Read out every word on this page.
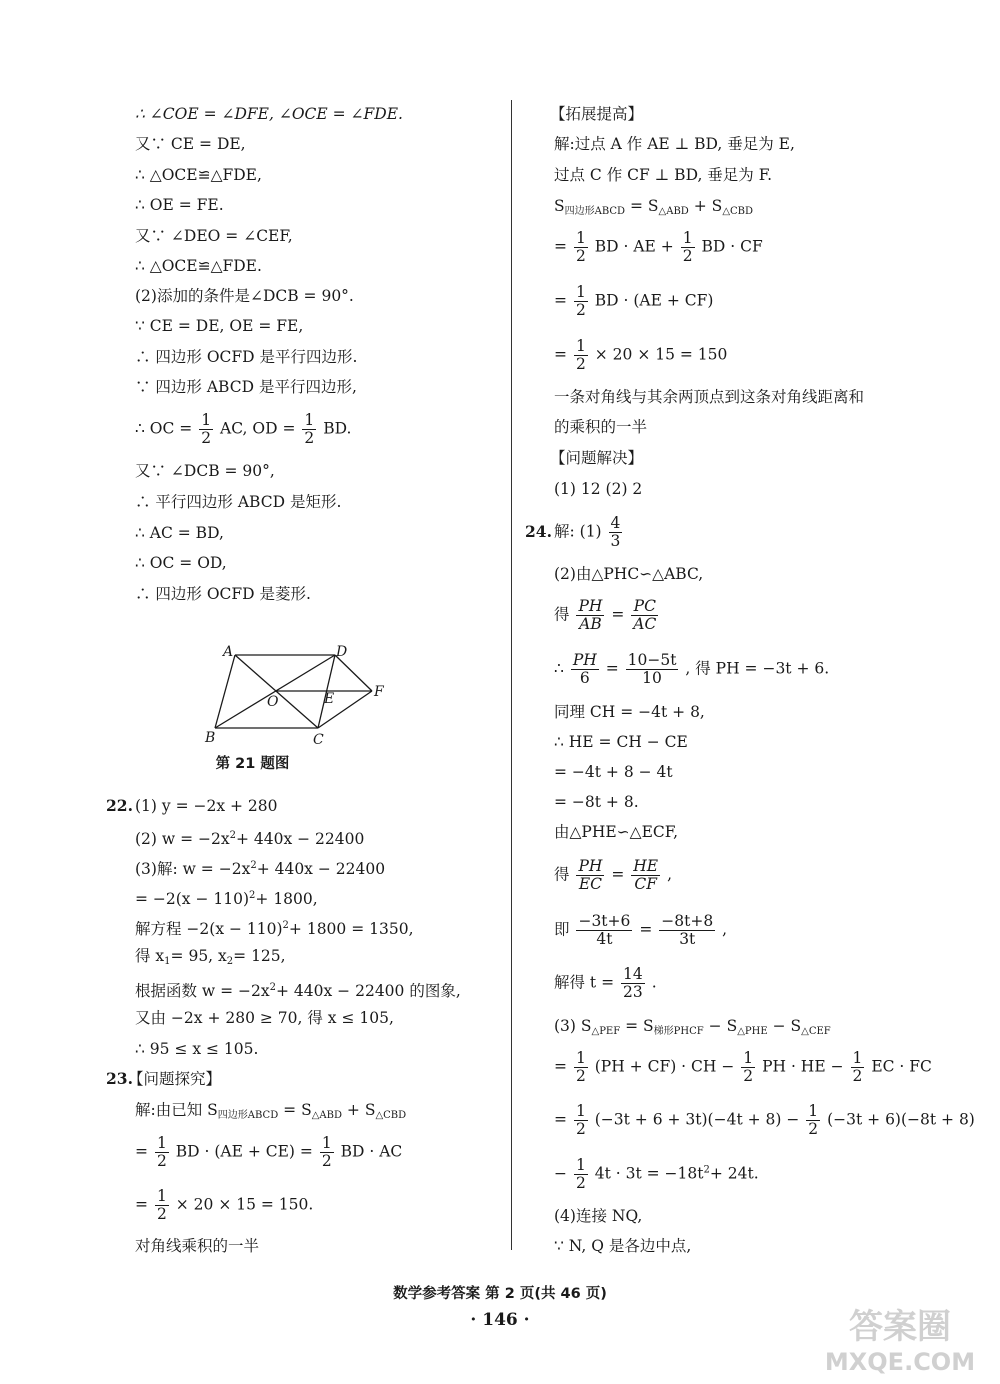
∴ ∠COE = ∠DFE, ∠OCE = ∠FDE.
又∵ CE = DE,
∴ △OCE≌△FDE,
∴ OE = FE.
又∵ ∠DEO = ∠CEF,
∴ △OCE≌△FDE.
(2)添加的条件是∠DCB = 90°.
∵ CE = DE, OE = FE,
∴ 四边形 OCFD 是平行四边形.
∵ 四边形 ABCD 是平行四边形,
∴ OC = $\frac{1}{2}$ AC, OD = $\frac{1}{2}$ BD.
又∵ ∠DCB = 90°,
∴ 平行四边形 ABCD 是矩形.
∴ AC = BD,
∴ OC = OD,
∴ 四边形 OCFD 是菱形.
A
B	C
D
E	F
O
第 21 题图
22. (1) y = −2x + 280
(2) $w = -2x^2+ 440x - 22400$
(3)解: $w = -2x^2+ 440x - 22400$
= $-2(x - 110)^2+ 1800$,
解方程 $-2(x - 110)^2+ 1800 = 1350$,
得 $x_1= 95$, $x_2= 125$,
根据函数 $w = -2x^2+ 440x - 22400$ 的图象,
又由 −2x + 280 ≥ 70, 得 x ≤ 105,
∴ 95 ≤ x ≤ 105.
23.
【问题探究】
解:由已知 $S_{四边形ABCD} = S_{\triangle ABD} + S_{\triangle CBD}$
= $\frac{1}{2}$ BD · $(AE + CE) = \frac{1}{2}$ BD · AC
= $\frac{1}{2} \times 20 \times 15 = 150$.
对角线乘积的一半
【拓展提高】
解:过点 A 作 AE ⊥ BD, 垂足为 E,
过点 C 作 CF ⊥ BD, 垂足为 F.
$S_{四边形ABCD} = S_{\triangle ABD} + S_{\triangle CBD}$
= $\frac{1}{2}$ BD · AE + $\frac{1}{2}$ BD · CF
= $\frac{1}{2}$ BD · (AE + CF)
= $\frac{1}{2} \times 20 \times 15 = 150$
一条对角线与其余两顶点到这条对角线距离和
的乘积的一半
【问题解决】
(1) 12 (2) 2
24. 解: $(1) \frac{4}{3}$
(2)由△PHC∽△ABC,
得 $\frac{PH}{AB} = \frac{PC}{AC}$
∴ $\frac{PH}{6} = \frac{10-5t}{10}$ , 得 PH = −3t + 6.
同理 CH = −4t + 8,
∴ HE = CH − CE
= −4t + 8 − 4t
= −8t + 8.
由△PHE∽△ECF,
得 $\frac{PH}{EC} = \frac{HE}{CF}$ ,
即 $\frac{-3t+6}{4t} = \frac{-8t+8}{3t}$ ,
解得 $t = \frac{14}{23}$ .
(3) $S_{\triangle PEF} = S_{梯形PHCF} - S_{\triangle PHE} - S_{\triangle CEF}$
= $\frac{1}{2} (PH + CF)$ · CH − $\frac{1}{2}$ PH · HE − $\frac{1}{2}$ EC · FC
= $\frac{1}{2} (-3t + 6 + 3t)(-4t + 8) - \frac{1}{2} (-3t + 6)(-8t + 8)$
− $\frac{1}{2} 4t \cdot 3t = -18t^2+ 24t$.
(4)连接 NQ,
∵ N, Q 是各边中点,
数学参考答案 第 2 页(共 46 页)
· 146 ·	答案圈
MXQE.COM
